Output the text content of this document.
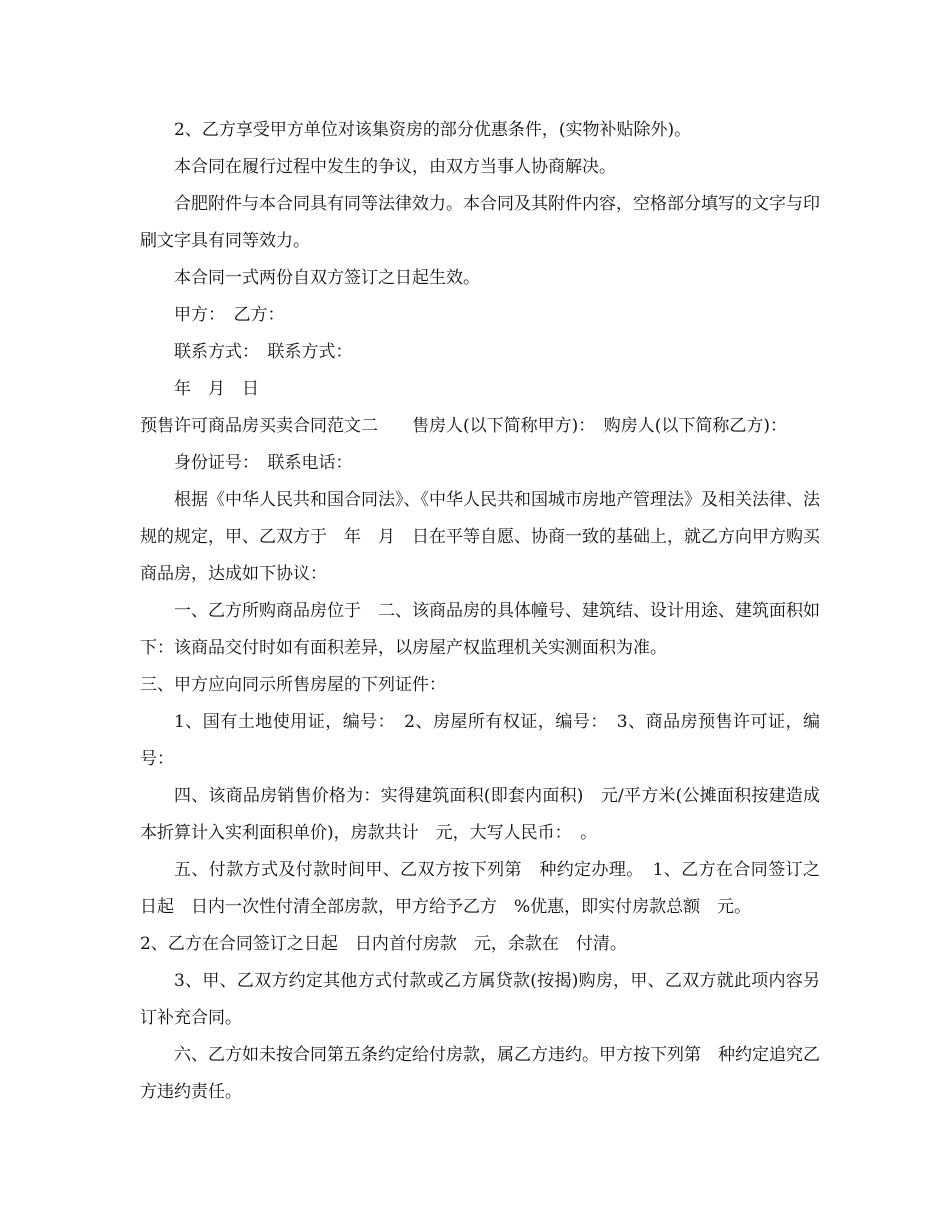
2、乙方享受甲方单位对该集资房的部分优惠条件，(实物补贴除外)。

本合同在履行过程中发生的争议，由双方当事人协商解决。

合肥附件与本合同具有同等法律效力。本合同及其附件内容，空格部分填写的文字与印刷文字具有同等效力。

本合同一式两份自双方签订之日起生效。

甲方：　乙方：

联系方式：　联系方式：

年　月　日

预售许可商品房买卖合同范文二　　售房人(以下简称甲方)：　购房人(以下简称乙方)：

身份证号：　联系电话：

根据《中华人民共和国合同法》、《中华人民共和国城市房地产管理法》及相关法律、法规的规定，甲、乙双方于　年　月　日在平等自愿、协商一致的基础上，就乙方向甲方购买商品房，达成如下协议：

一、乙方所购商品房位于　二、该商品房的具体幢号、建筑结、设计用途、建筑面积如下：该商品交付时如有面积差异，以房屋产权监理机关实测面积为准。

三、甲方应向同示所售房屋的下列证件：

1、国有土地使用证，编号：　2、房屋所有权证，编号：　3、商品房预售许可证，编号：

四、该商品房销售价格为：实得建筑面积(即套内面积)　元/平方米(公摊面积按建造成本折算计入实利面积单价)，房款共计　元，大写人民币：　。

五、付款方式及付款时间甲、乙双方按下列第　种约定办理。　1、乙方在合同签订之日起　日内一次性付清全部房款，甲方给予乙方　%优惠，即实付房款总额　元。

2、乙方在合同签订之日起　日内首付房款　元，余款在　付清。

3、甲、乙双方约定其他方式付款或乙方属贷款(按揭)购房，甲、乙双方就此项内容另订补充合同。

六、乙方如未按合同第五条约定给付房款，属乙方违约。甲方按下列第　种约定追究乙方违约责任。
